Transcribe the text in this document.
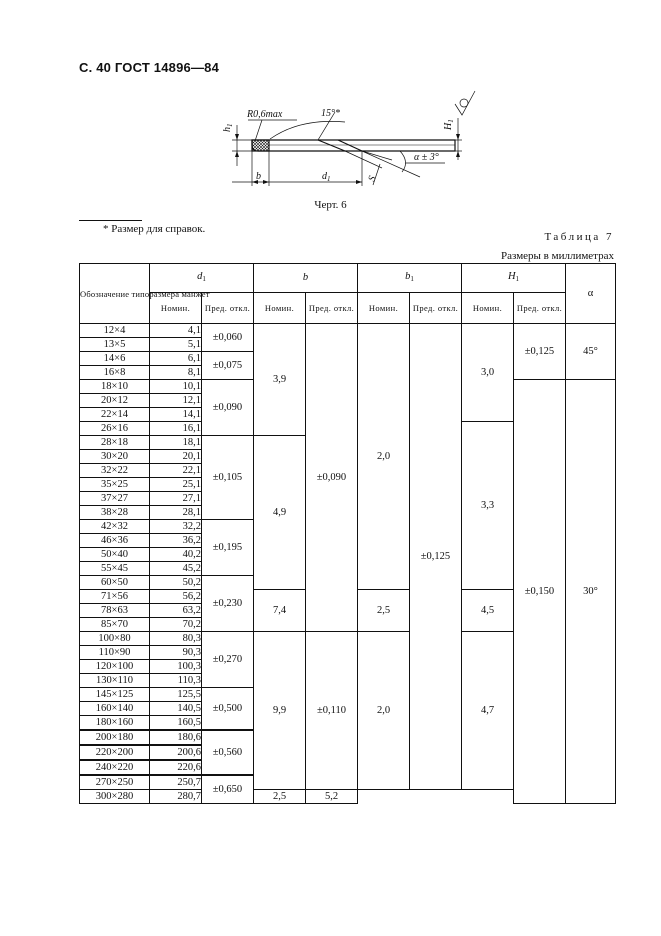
С. 40 ГОСТ 14896—84
R0,6max	15°*
$h_1$
b	$d_1$	S
α ± 3°
$H_1$
Черт. 6
* Размер для справок.
Таблица 7
Размеры в миллиметрах
Обозначение типоразмера манжет	$d_1$		b		$b_1$		$H_1$		α
	Номин.	Пред. откл.	Номин.	Пред. откл.	Номин.	Пред. откл.	Номин.	Пред. откл.	
12×4	4,1	±0,060	3,9	±0,090	2,0	±0,125	3,0	±0,125	45°
13×5	5,1								
14×6	6,1	±0,075							
16×8	8,1								
18×10	10,1	±0,090						±0,150	30°
20×12	12,1								
22×14	14,1								
26×16	16,1						3,3		
28×18	18,1	±0,105	4,9						
30×20	20,1								
32×22	22,1								
35×25	25,1								
37×27	27,1								
38×28	28,1								
42×32	32,2	±0,195							
46×36	36,2								
50×40	40,2								
55×45	45,2								
60×50	50,2	±0,230							
71×56	56,2		7,4		2,5		4,5		
78×63	63,2								
85×70	70,2								
100×80	80,3	±0,270	9,9	±0,110	2,0		4,7		
110×90	90,3								
120×100	100,3								
130×110	110,3								
145×125	125,5	±0,500							
160×140	140,5								
180×160	160,5								
200×180	180,6	±0,560							
220×200	200,6								
240×220	220,6								
270×250	250,7	±0,650							
300×280	280,7		2,5	5,2					
